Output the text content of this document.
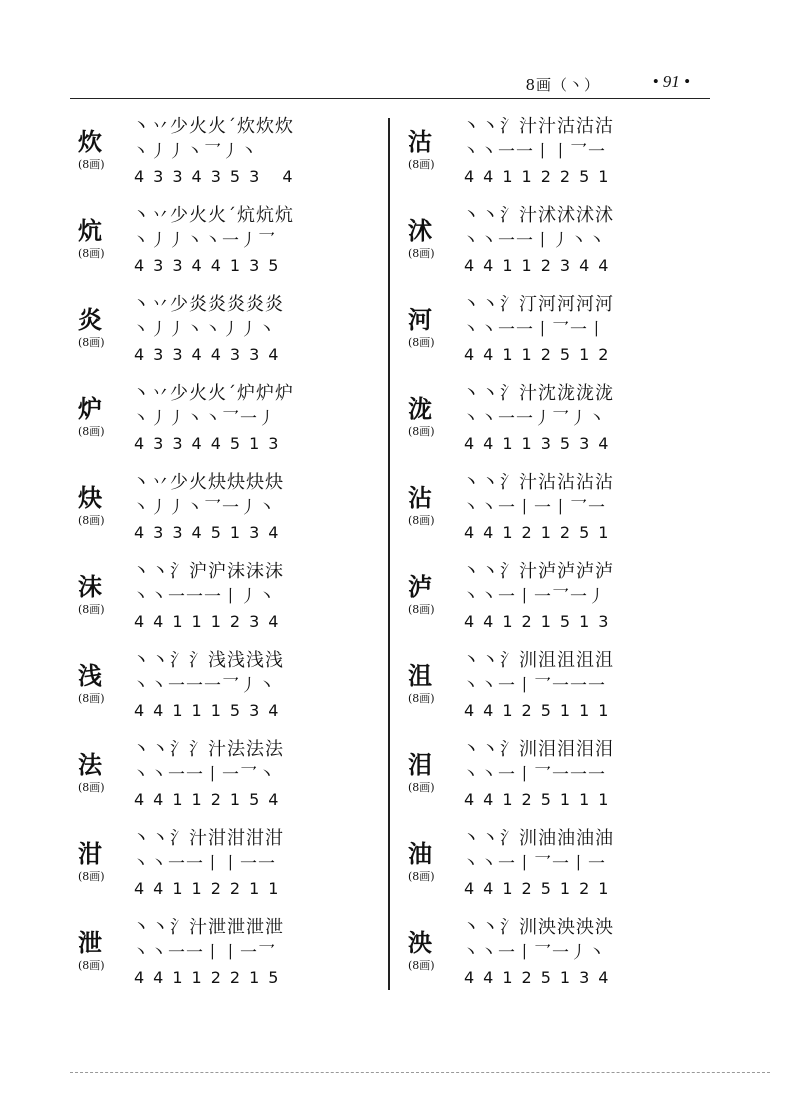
8画（丶）	• 91 •
炊
(8画)
丶丷少火火ˊ炊炊炊
丶丿丿丶乛丿丶
4334353 4
炕
(8画)
丶丷少火火ˊ炕炕炕
丶丿丿丶丶一丿乛
43344135
炎
(8画)
丶丷少炎炎炎炎炎
丶丿丿丶丶丿丿丶
43344334
炉
(8画)
丶丷少火火ˊ炉炉炉
丶丿丿丶丶乛一丿
43344513
炔
(8画)
丶丷少火炔炔炔炔
丶丿丿丶乛一丿丶
43345134
沫
(8画)
丶丶氵沪沪沫沫沫
丶丶一一一丨丿丶
44111234
浅
(8画)
丶丶氵氵浅浅浅浅
丶丶一一一乛丿丶
44111534
法
(8画)
丶丶氵氵汁法法法
丶丶一一丨一乛丶
44112154
泔
(8画)
丶丶氵汁泔泔泔泔
丶丶一一丨丨一一
44112211
泄
(8画)
丶丶氵汁泄泄泄泄
丶丶一一丨丨一乛
44112215
沽
(8画)
丶丶氵汁汁沽沽沽
丶丶一一丨丨乛一
44112251
沭
(8画)
丶丶氵汁沭沭沭沭
丶丶一一丨丿丶丶
44112344
河
(8画)
丶丶氵汀河河河河
丶丶一一丨乛一丨
44112512
泷
(8画)
丶丶氵汁沈泷泷泷
丶丶一一丿乛丿丶
44113534
沾
(8画)
丶丶氵汁沾沾沾沾
丶丶一丨一丨乛一
44121251
泸
(8画)
丶丶氵汁泸泸泸泸
丶丶一丨一乛一丿
44121513
沮
(8画)
丶丶氵汌沮沮沮沮
丶丶一丨乛一一一
44125111
泪
(8画)
丶丶氵汌泪泪泪泪
丶丶一丨乛一一一
44125111
油
(8画)
丶丶氵汌油油油油
丶丶一丨乛一丨一
44125121
泱
(8画)
丶丶氵汌泱泱泱泱
丶丶一丨乛一丿丶
44125134
